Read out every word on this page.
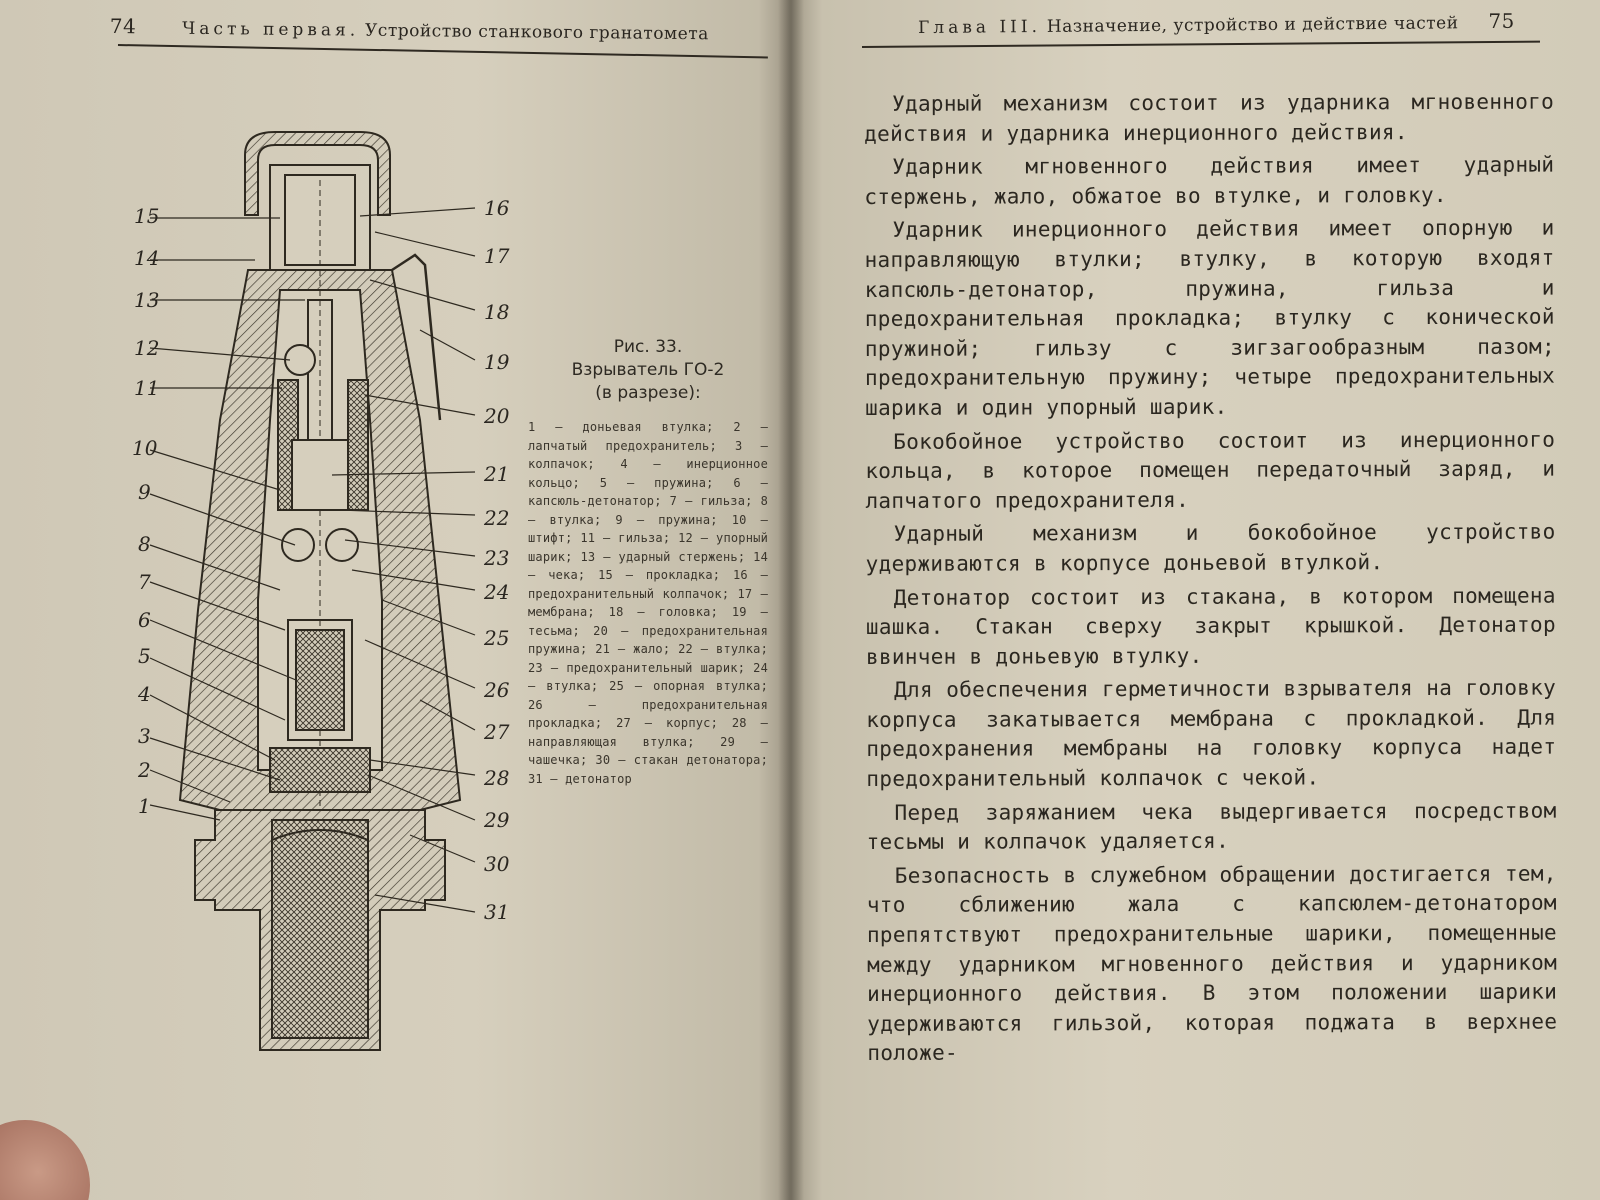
74	Часть первая. Устройство станкового гранатомета
15
14
13
12
11
10
9
8
7
6
5
4
3
2
1
16
17
18
19
20
21
22
23
24
25
26
27
28
29
30
31
Рис. 33.
Взрыватель ГО-2
(в разрезе):
1 — доньевая втулка; 2 — лапчатый предохранитель; 3 — колпачок; 4 — инерционное кольцо; 5 — пружина; 6 — капсюль-детонатор; 7 — гильза; 8 — втулка; 9 — пружина; 10 — штифт; 11 — гильза; 12 — упорный шарик; 13 — ударный стержень; 14 — чека; 15 — прокладка; 16 — предохранительный колпачок; 17 — мембрана; 18 — головка; 19 — тесьма; 20 — предохранительная пружина; 21 — жало; 22 — втулка; 23 — предохранительный шарик; 24 — втулка; 25 — опорная втулка; 26 — предохранительная прокладка; 27 — корпус; 28 — направляющая втулка; 29 — чашечка; 30 — стакан детонатора; 31 — детонатор
Глава III. Назначение, устройство и действие частей 75

Ударный механизм состоит из ударника мгновенного действия и ударника инерционного действия.

Ударник мгновенного действия имеет ударный стержень, жало, обжатое во втулке, и головку.

Ударник инерционного действия имеет опорную и направляющую втулки; втулку, в которую входят капсюль-детонатор, пружина, гильза и предохранительная прокладка; втулку с конической пружиной; гильзу с зигзагообразным пазом; предохранительную пружину; четыре предохранительных шарика и один упорный шарик.

Бокобойное устройство состоит из инерционного кольца, в которое помещен передаточный заряд, и лапчатого предохранителя.

Ударный механизм и бокобойное устройство удерживаются в корпусе доньевой втулкой.

Детонатор состоит из стакана, в котором помещена шашка. Стакан сверху закрыт крышкой. Детонатор ввинчен в доньевую втулку.

Для обеспечения герметичности взрывателя на головку корпуса закатывается мембрана с прокладкой. Для предохранения мембраны на головку корпуса надет предохранительный колпачок с чекой.

Перед заряжанием чека выдергивается посредством тесьмы и колпачок удаляется.

Безопасность в служебном обращении достигается тем, что сближению жала с капсюлем-детонатором препятствуют предохранительные шарики, помещенные между ударником мгновенного действия и ударником инерционного действия. В этом положении шарики удерживаются гильзой, которая поджата в верхнее положе-
